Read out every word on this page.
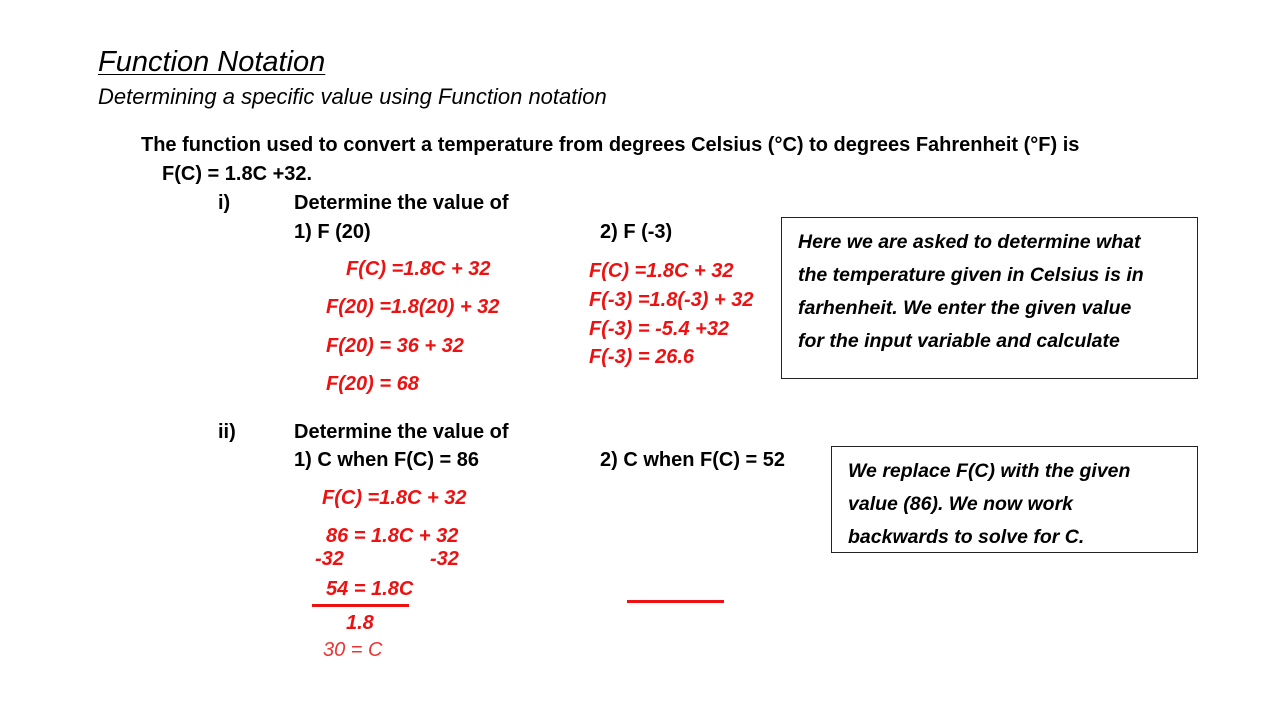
Function Notation
Determining a specific value using Function notation
The function used to convert a temperature from degrees Celsius (°C) to degrees Fahrenheit (°F) is
F(C) = 1.8C +32.
i)	Determine the value of
1) F (20)	2) F (-3)
F(C) =1.8C + 32
F(20) =1.8(20) + 32
F(20) = 36 + 32
F(20) = 68
F(C) =1.8C + 32
F(-3) =1.8(-3) + 32
F(-3) = -5.4 +32
F(-3) = 26.6
Here we are asked to determine what
the temperature given in Celsius is in
farhenheit. We enter the given value
for the input variable and calculate
ii)	Determine the value of
1) C when F(C) = 86	2) C when F(C) = 52
F(C) =1.8C + 32
86 = 1.8C + 32
-32	-32
54 = 1.8C
1.8
30 = C
We replace F(C) with the given
value (86). We now work
backwards to solve for C.
